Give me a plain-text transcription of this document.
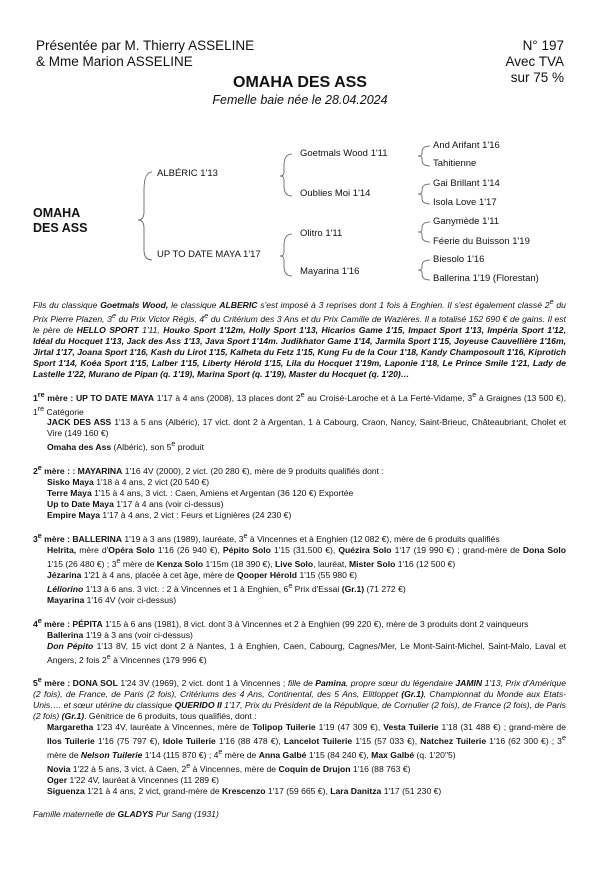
Présentée par M. Thierry ASSELINE
& Mme Marion ASSELINE
N° 197
Avec TVA
sur 75 %
OMAHA DES ASS
Femelle baie née le 28.04.2024
OMAHA
DES ASS
ALBÉRIC 1'13
UP TO DATE MAYA 1'17
Goetmals Wood 1'11
Oublies Moi 1'14
Olitro 1'11
Mayarina 1'16
And Arifant 1'16
Tahitienne
Gai Brillant 1'14
Isola Love 1'17
Ganymède 1'11
Féerie du Buisson 1'19
Biesolo 1'16
Ballerina 1'19 (Florestan)
Fils du classique Goetmals Wood, le classique ALBERIC s'est imposé à 3 reprises dont 1 fois à Enghien. Il s'est également classé 2e du Prix Pierre Plazen, 3e du Prix Victor Régis, 4e du Critérium des 3 Ans et du Prix Camille de Wazières. Il a totalisé 152 690 € de gains. Il est le père de HELLO SPORT 1'11, Houko Sport 1'12m, Holly Sport 1'13, Hicarios Game 1'15, Impact Sport 1'13, Impéria Sport 1'12, Idéal du Hocquet 1'13, Jack des Ass 1'13, Java Sport 1'14m. Judikhator Game 1'14, Jarmila Sport 1'15, Joyeuse Cauvellière 1'16m, Jirtal 1'17, Joana Sport 1'16, Kash du Lirot 1'15, Kalheta du Fetz 1'15, Kung Fu de la Cour 1'18, Kandy Champosoult 1'16, Kiprotich Sport 1'14, Koéa Sport 1'15, Lalber 1'15, Liberty Hérold 1'15, Lila du Hocquet 1'19m, Laponie 1'18, Le Prince Smile 1'21, Lady de Lastelle 1'22, Murano de Pipan (q. 1'19), Marina Sport (q. 1'19), Master du Hocquet (q. 1'20)…
1re mère : UP TO DATE MAYA 1'17 à 4 ans (2008), 13 places dont 2e au Croisé-Laroche et à La Ferté-Vidame, 3e à Graignes (13 500 €), 1re Catégorie
JACK DES ASS 1'13 à 5 ans (Albéric), 17 vict. dont 2 à Argentan, 1 à Cabourg, Craon, Nancy, Saint-Brieuc, Châteaubriant, Cholet et Vire (149 160 €)
Omaha des Ass (Albéric), son 5e produit
2e mère : : MAYARINA 1'16 4V (2000), 2 vict. (20 280 €), mère de 9 produits qualifiés dont :
Sisko Maya 1'18 à 4 ans, 2 vict (20 540 €)
Terre Maya 1'15 à 4 ans, 3 vict. : Caen, Amiens et Argentan (36 120 €) Exportée
Up to Date Maya 1'17 à 4 ans (voir ci-dessus)
Empire Maya 1'17 à 4 ans, 2 vict : Feurs et Lignières (24 230 €)
3e mère : BALLERINA 1'19 à 3 ans (1989), lauréate, 3e à Vincennes et à Enghien (12 082 €), mère de 6 produits qualifiés
Helrita, mère d'Opéra Solo 1'16 (26 940 €), Pépito Solo 1'15 (31.500 €), Quézira Solo 1'17 (19 990 €) ; grand-mère de Dona Solo 1'15 (26 480 €) ; 3e mère de Kenza Solo 1'15m (18 390 €), Live Solo, lauréat, Mister Solo 1'16 (12 500 €)
Jézarina 1'21 à 4 ans, placée à cet âge, mère de Qooper Hérold 1'15 (55 980 €)
Lélíorino 1'13 à 6 ans. 3 vict. : 2 à Vincennes et 1 à Enghien, 6e Prix d'Essai (Gr.1) (71 272 €)
Mayarina 1'16 4V (voir ci-dessus)
4e mère : PÉPITA 1'15 à 6 ans (1981), 8 vict. dont 3 à Vincennes et 2 à Enghien (99 220 €), mère de 3 produits dont 2 vainqueurs
Ballerina 1'19 à 3 ans (voir ci-dessus)
Don Pépito 1'13 8V, 15 vict dont 2 à Nantes, 1 à Enghien, Caen, Cabourg, Cagnes/Mer, Le Mont-Saint-Michel, Saint-Malo, Laval et Angers, 2 fois 2e à Vincennes (179 996 €)
5e mère : DONA SOL 1'24 3V (1969), 2 vict. dont 1 à Vincennes ; fille de Pamina, propre sœur du légendaire JAMIN 1'13, Prix d'Amérique (2 fois), de France, de Paris (2 fois), Critériums des 4 Ans, Continental, des 5 Ans, Elitloppet (Gr.1), Championnat du Monde aux Etats-Unis…. et sœur utérine du classique QUERIDO II 1'17, Prix du Président de la République, de Cornulier (2 fois), de France (2 fois), de Paris (2 fois) (Gr.1). Génitrice de 6 produits, tous qualifiés, dont :
Margaretha 1'23 4V, lauréate à Vincennes, mère de Tolipop Tuilerie 1'19 (47 309 €), Vesta Tuilerie 1'18 (31 488 €) ; grand-mère de Ilos Tuilerie 1'16 (75 797 €), Idole Tuilerie 1'16 (88 478 €), Lancelot Tuilerie 1'15 (57 033 €), Natchez Tuilerie 1'16 (62 300 €) ; 3e mère de Nelson Tuilerie 1'14 (115 870 €) ; 4e mère de Anna Galbé 1'15 (84 240 €), Max Galbé (q. 1'20"5)
Novia 1'22 à 5 ans, 3 vict. à Caen, 2e à Vincennes, mère de Coquin de Drujon 1'16 (88 763 €)
Oger 1'22 4V, lauréat à Vincennes (11 289 €)
Siguenza 1'21 à 4 ans, 2 vict, grand-mère de Krescenzo 1'17 (59 665 €), Lara Danitza 1'17 (51 230 €)
Famille maternelle de GLADYS Pur Sang (1931)
